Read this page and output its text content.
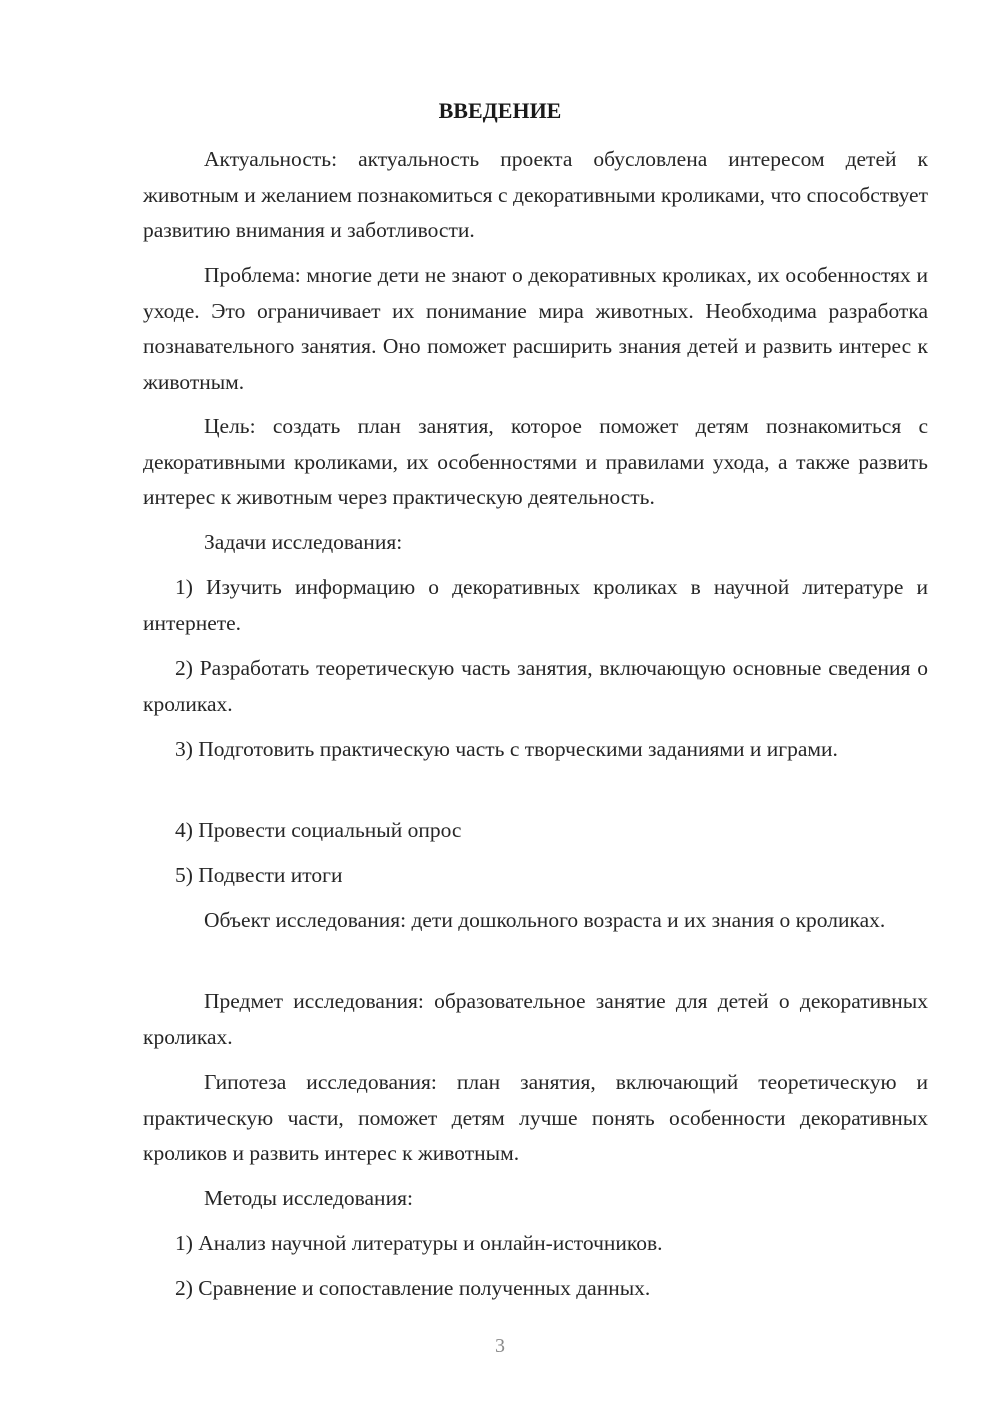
ВВЕДЕНИЕ

Актуальность: актуальность проекта обусловлена интересом детей к животным и желанием познакомиться с декоративными кроликами, что способствует развитию внимания и заботливости.

Проблема: многие дети не знают о декоративных кроликах, их особенностях и уходе. Это ограничивает их понимание мира животных. Необходима разработка познавательного занятия. Оно поможет расширить знания детей и развить интерес к животным.

Цель: создать план занятия, которое поможет детям познакомиться с декоративными кроликами, их особенностями и правилами ухода, а также развить интерес к животным через практическую деятельность.

Задачи исследования:

1) Изучить информацию о декоративных кроликах в научной литературе и интернете.

2) Разработать теоретическую часть занятия, включающую основные сведения о кроликах.

3) Подготовить практическую часть с творческими заданиями и играми.

4) Провести социальный опрос

5) Подвести итоги

Объект исследования: дети дошкольного возраста и их знания о кроликах.

Предмет исследования: образовательное занятие для детей о декоративных кроликах.

Гипотеза исследования: план занятия, включающий теоретическую и практическую части, поможет детям лучше понять особенности декоративных кроликов и развить интерес к животным.

Методы исследования:

1) Анализ научной литературы и онлайн-источников.

2) Сравнение и сопоставление полученных данных.

3
